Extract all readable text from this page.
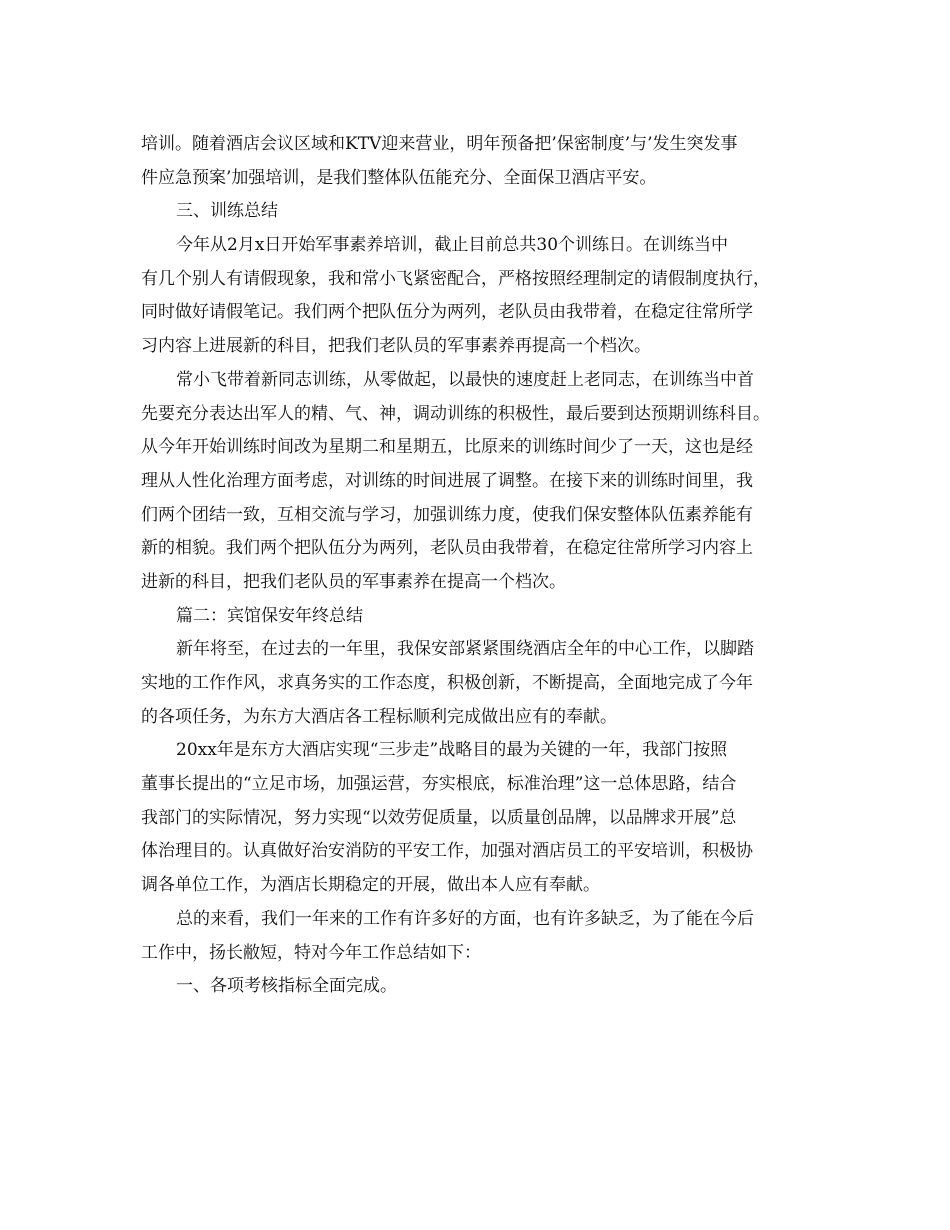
培训。随着酒店会议区域和KTV迎来营业，明年预备把’保密制度’与’发生突发事
件应急预案’加强培训，是我们整体队伍能充分、全面保卫酒店平安。
三、训练总结
今年从2月x日开始军事素养培训，截止目前总共30个训练日。在训练当中
有几个别人有请假现象，我和常小飞紧密配合，严格按照经理制定的请假制度执行，
同时做好请假笔记。我们两个把队伍分为两列，老队员由我带着，在稳定往常所学
习内容上进展新的科目，把我们老队员的军事素养再提高一个档次。
常小飞带着新同志训练，从零做起，以最快的速度赶上老同志，在训练当中首
先要充分表达出军人的精、气、神，调动训练的积极性，最后要到达预期训练科目。
从今年开始训练时间改为星期二和星期五，比原来的训练时间少了一天，这也是经
理从人性化治理方面考虑，对训练的时间进展了调整。在接下来的训练时间里，我
们两个团结一致，互相交流与学习，加强训练力度，使我们保安整体队伍素养能有
新的相貌。我们两个把队伍分为两列，老队员由我带着，在稳定往常所学习内容上
进新的科目，把我们老队员的军事素养在提高一个档次。
篇二：宾馆保安年终总结
新年将至，在过去的一年里，我保安部紧紧围绕酒店全年的中心工作，以脚踏
实地的工作作风，求真务实的工作态度，积极创新，不断提高，全面地完成了今年
的各项任务，为东方大酒店各工程标顺利完成做出应有的奉献。
20xx年是东方大酒店实现“三步走”战略目的最为关键的一年，我部门按照
董事长提出的“立足市场，加强运营，夯实根底，标准治理”这一总体思路，结合
我部门的实际情况，努力实现“以效劳促质量，以质量创品牌，以品牌求开展”总
体治理目的。认真做好治安消防的平安工作，加强对酒店员工的平安培训，积极协
调各单位工作，为酒店长期稳定的开展，做出本人应有奉献。
总的来看，我们一年来的工作有许多好的方面，也有许多缺乏，为了能在今后
工作中，扬长敝短，特对今年工作总结如下：
一、各项考核指标全面完成。
